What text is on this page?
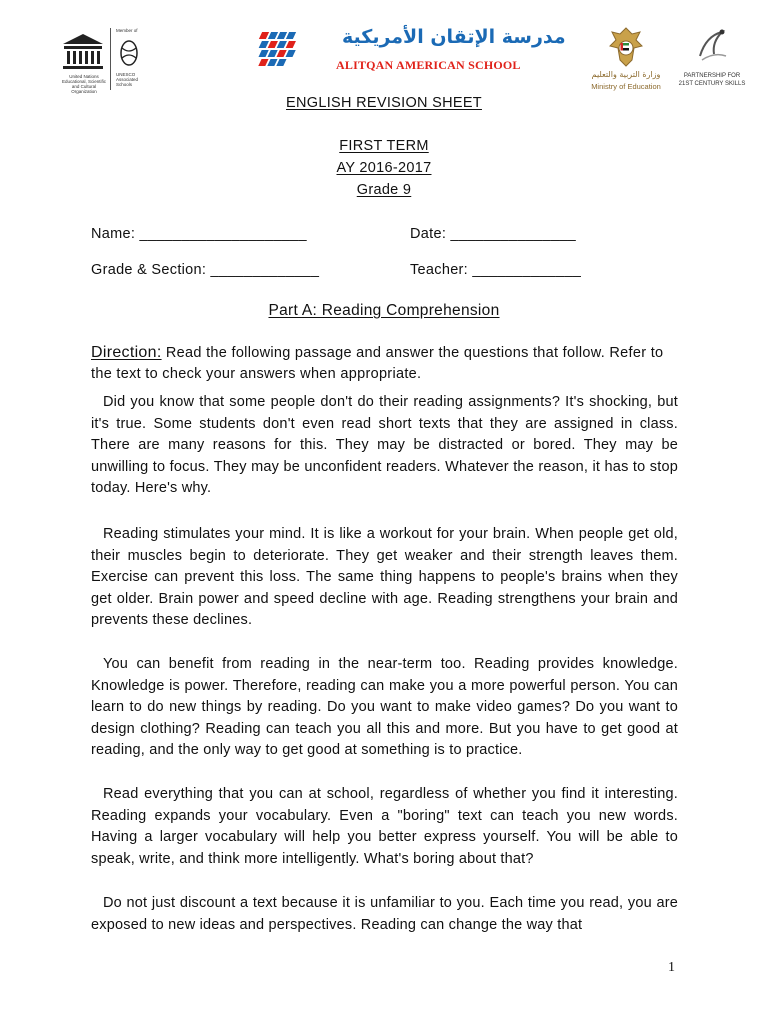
Member of
United Nations Educational, Scientific and Cultural Organization
UNESCO Associated Schools
مدرسة الإتقان الأمريكية
ALITQAN AMERICAN SCHOOL
وزارة التربية والتعليم
Ministry of Education
PARTNERSHIP FOR
21ST CENTURY SKILLS
ENGLISH REVISION SHEET
FIRST TERM
AY 2016-2017
Grade 9
Name: ____________________	Date: _______________
Grade & Section: _____________	Teacher: _____________
Part A: Reading Comprehension
Direction: Read the following passage and answer the questions that follow. Refer to the text to check your answers when appropriate.

Did you know that some people don't do their reading assignments? It's shocking, but it's true. Some students don't even read short texts that they are assigned in class. There are many reasons for this. They may be distracted or bored. They may be unwilling to focus. They may be unconfident readers. Whatever the reason, it has to stop today. Here's why.

Reading stimulates your mind. It is like a workout for your brain. When people get old, their muscles begin to deteriorate. They get weaker and their strength leaves them. Exercise can prevent this loss. The same thing happens to people's brains when they get older. Brain power and speed decline with age. Reading strengthens your brain and prevents these declines.

You can benefit from reading in the near-term too. Reading provides knowledge. Knowledge is power. Therefore, reading can make you a more powerful person. You can learn to do new things by reading. Do you want to make video games? Do you want to design clothing? Reading can teach you all this and more. But you have to get good at reading, and the only way to get good at something is to practice.

Read everything that you can at school, regardless of whether you find it interesting. Reading expands your vocabulary. Even a "boring" text can teach you new words. Having a larger vocabulary will help you better express yourself. You will be able to speak, write, and think more intelligently. What's boring about that?

Do not just discount a text because it is unfamiliar to you. Each time you read, you are exposed to new ideas and perspectives. Reading can change the way that

1
